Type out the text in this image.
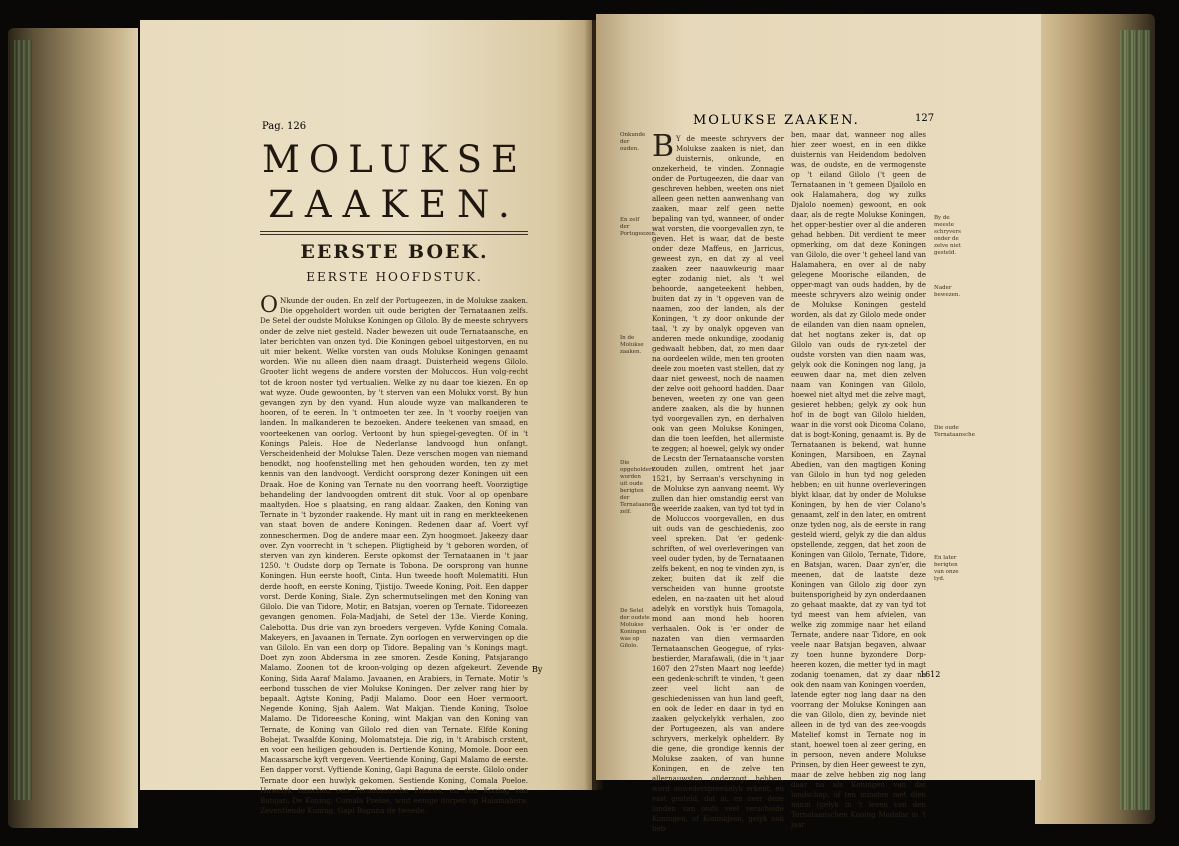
Pag. 126
MOLUKSE
ZAAKEN.
EERSTE BOEK.
EERSTE HOOFDSTUK.
O Nkunde der ouden. En zelf der Portugeezen, in de Molukse zaaken. Die opgeholdert worden uit oude berigten der Ternataanen zelfs. De Setel der oudste Molukse Koningen op Gilolo. By de meeste schryvers onder de zelve niet gesteld. Nader bewezen uit oude Ternataansche, en later berichten van onzen tyd. Die Koningen geboel uitgestorven, en nu uit mier bekent. Welke vorsten van ouds Molukse Koningen genaamt worden. Wie nu alleen dien naam draagt. Duisterheid wegens Gilolo. Grooter licht wegens de andere vorsten der Moluccos. Hun volg-recht tot de kroon noster tyd vertualien. Welke zy nu daar toe kiezen. En op wat wyze. Oude gewoonten, by 't sterven van een Molukx vorst. By hun gevangen zyn by den vyand. Hun aloude wyze van malkanderen te hooren, of te eeren. In 't ontmoeten ter zee. In 't voorby roeijen van landen. In malkanderen te bezoeken. Andere teekenen van smaad, en voorteekenen van oorlog. Vertoont by hun spiegel-gevegten. Of in 't Konings Paleis. Hoe de Nederlanse landvoogd hun onfangt. Verscheidenheid der Molukse Talen. Deze verschen mogen van niemand benodkt, nog hoofenstelling met hen gehouden worden, ten zy met kennis van den landvoogt. Verdicht oorsprong dezer Koningen uit een Draak. Hoe de Koning van Ternate nu den voorrang heeft. Voorzigtige behandeling der landvoogden omtrent dit stuk. Voor al op openbare maaltyden. Hoe s plaatsing, en rang aldaar. Zaaken, den Koning van Ternate in 't byzonder raakende. Hy mant uit in rang en merkteekenen van staat boven de andere Koningen. Redenen daar af. Voert vyf zonneschermen. Dog de andere maar een. Zyn hoogmoet. Jakeezy daar over. Zyn voorrecht in 't schepen. Pligtigheid by 't geboren worden, of sterven van zyn kinderen. Eerste opkomst der Ternataanen in 't jaar 1250. 't Oudste dorp op Ternate is Tobona. De oorsprong van hunne Koningen. Hun eerste hooft, Cinta. Hun tweede hooft Molematiti. Hun derde hooft, en eerste Koning, Tjistijo. Tweede Koning, Poit. Een dapper vorst. Derde Koning, Siale. Zyn schermutselingen met den Koning van Gilolo. Die van Tidore, Motir, en Batsjan, voeren op Ternate. Tidoreezen gevangen genomen. Fola-Madjahi, de Setel der 13e. Vierde Koning, Calebotta. Dus drie van zyn broeders vergeven. Vyfde Koning Comala. Makeyers, en Javaanen in Ternate. Zyn oorlogen en verwervingen op die van Gilolo. En van een dorp op Tidore. Bepaling van 's Konings magt. Doet zyn zoon Abdersma in zee smoren. Zesde Koning, Patsjarango Malamo. Zoonen tot de kroon-volging op dezen afgekeurt. Zevende Koning, Sida Aaraf Malamo. Javaanen, en Arabiers, in Ternate. Motir 's eerbond tusschen de vier Molukse Koningen. Der zelver rang hier by bepaalt. Agtste Koning, Padji Malamo. Door een Hoer vermoort. Negende Koning, Sjah Aalem. Wat Makjan. Tiende Koning, Tsoloe Malamo. De Tidoreesche Koning, wint Makjan van den Koning van Ternate, de Koning van Gilolo red dien van Ternate. Elfde Koning Bohejat. Twaalfde Koning, Molomatsteja. Die zig, in 't Arabisch crstent, en voor een heiligen gehouden is. Dertiende Koning, Momole. Door een Macassarsche kyft vergeven. Veertiende Koning, Gapi Malamo de eerste. Een dapper vorst. Vyftiende Koning, Gapi Baguna de eerste. Gilolo onder Ternate door een huwlyk gekomen. Sestiende Koning, Comala Poeloe. Huwelyk tusschen een Ternataansche Princes, en den Koning van Batsjan. De Koning, Comala Poeloe, wint eenige dorpen op Halamahera. Zeventiende Koning, Gapi Baguna de tweede.
By
MOLUKSE ZAAKEN.	127
Onkunde der ouden.
En zelf der Portugeezen.
In de Molukse zaaken.
Die opgeholdert worden uit oude berigten der Ternataanen zelf.
De Setel der oudste Molukse Koningen was op Gilolo.
By de meeste schryvers onder de zelve niet gesteld.
Nader bewezen.
Die oude Ternataansche
En later berigten van onze tyd.
B Y de meeste schryvers der Molukse zaaken is niet, dan duisternis, onkunde, en onzekerheid, te vinden. Zonnagie onder de Portugeezen, die daar van geschreven hebben, weeten ons niet alleen geen netten aanwenhang van zaaken, maar zelf geen nette bepaling van tyd, wanneer, of onder wat vorsten, die voorgevallen zyn, te geven. Het is waar, dat de beste onder deze Maffeus, en Jarricus, geweest zyn, en dat zy al veel zaaken zeer naauwkeurig maar egter zodanig niet, als 't wel behoorde, aangeteekent hebben, buiten dat zy in 't opgeven van de naamen, zoo der landen, als der Koningen, 't zy door onkunde der taal, 't zy by onalyk opgeven van anderen mede onkundige, zoodanig gedwaalt hebben, dat, zo men daar na oordeelen wilde, men ten grooten deele zou moeten vast stellen, dat zy daar niet geweest, noch de naamen der zelve ooit gehoord hadden. Daar beneven, weeten zy one van geen andere zaaken, als die by hunnen tyd voorgevallen zyn, en derhalven ook van geen Molukse Koningen, dan die toen leefden, het allermiste te zeggen; al hoewel, gelyk wy onder de Lecstn der Ternataansche vorsten zouden zullen, omtrent het jaar 1521, by Serraan's verschyning in de Molukse zyn aanvang neemt. Wy zullen dan hier omstandig eerst van de weerlde zaaken, van tyd tot tyd in de Moluccos voorgevallen, en dus uit ouds van de geschiedenis, zoo veel spreken. Dat 'er gedenk-schriften, of wel overleveringen van veel ouder tyden, by de Ternataanen zelfs bekent, en nog te vinden zyn, is zeker, buiten dat ik zelf die verscheiden van hunne grootste edelen, en na-zaaten uit het aloud adelyk en vorstlyk huis Tomagola, mond aan mond heb hooren verhaalen. Ook is 'er onder de nazaten van dien vermaarden Ternataanschen Geogegue, of ryks-bestierder, Marafawali, (die in 't jaar 1607 den 27sten Maart nog leefde) een gedenk-schrift te vinden, 't geen zeer veel licht aan de geschiedenissen van hun land geeft, en ook de Ieder en daar in tyd en zaaken gelyckelykk verhalen, zoo der Portugeezen, als van andere schryvers, merkelyk ophelderr. By die gene, die grondige kennis der Molukse zaaken, of van hunne Koningen, en de zelve ten allernauwsten onderzogt hebben, word onwederspreekelyk erkent, en vast gesteld, dat in, en over deze landen van ouds veel verscheide Koningen, of Koninkjesn, gelyk ook heb-
ben, maar dat, wanneer nog alles hier zeer woest, en in een dikke duisternis van Heidendom bedolven was, de oudste, en de vermogenste op 't eiland Gilolo ('t geen de Ternataanen in 't gemeen Djailolo en ook Halamahera, dog wy zulks Djalolo noemen) gewoont, en ook daar, als de regte Molukse Koningen, het opper-bestier over al die anderen gehad hebben. Dit verdient te meer opmerking, om dat deze Koningen van Gilolo, die over 't geheel land van Halamahera, en over al de naby gelegene Moorische eilanden, de opper-magt van ouds hadden, by de meeste schryvers alzo weinig onder de Molukse Koningen gesteld worden, als dat zy Gilolo mede onder de eilanden van dien naam opnelen, dat het nogtans zeker is, dat op Gilolo van ouds de ryx-zetel der oudste vorsten van dien naam was, gelyk ook die Koningen nog lang, ja eeuwen daar na, met dien zelven naam van Koningen van Gilolo, hoewel niet altyd met die zelve magt, gesieret hebben; gelyk zy ook hun hof in de bogt van Gilolo hielden, waar in die vorst ook Dicoma Colano, dat is bogt-Koning, genaamt is. By de Ternataanen is bekend, wat hunne Koningen, Marsiboen, en Zaynal Abedien, van den magtigen Koning van Gilolo in hun tyd nog geleden hebben; en uit hunne overleveringen blykt klaar, dat by onder de Molukse Koningen, by hen de vier Colano's genaamt, zelf in den later, en omtrent onze tyden nog, als de eerste in rang gesteld wierd, gelyk zy die dan aldus opstellende, zeggen, dat het zoon de Koningen van Gilolo, Ternate, Tidore, en Batsjan, waren. Daar zyn'er, die meenen, dat de laatste deze Koningen van Gilolo zig door zyn buitensporigheid by zyn onderdaanen zo gehaat maakte, dat zy van tyd tot tyd meest van hem afvielen, van welke zig zommige naar het eiland Ternate, andere naar Tidore, en ook veele naar Batsjan begaven, alwaar zy toen hunne byzondere Dorp-heeren kozen, die metter tyd in magt zodanig toenamen, dat zy daar na ook den naam van Koningen voerden, latende egter nog lang daar na den voorrang der Molukse Koningen aan die van Gilolo, dien zy, bevinde niet alleen in de tyd van des zee-voogds Matelief komst in Ternate nog in stant, hoewel toen al zeer gering, en in persoon, neven andere Molukse Prinsen, by dien Heer geweest te zyn, maar de zelve hebben zig nog lang daar na als Koningen van dat landschap, of ten minsten met dien naam (gelyk in 't leven van den Ternataanschen Koning Modafar in 't jaar
1612
